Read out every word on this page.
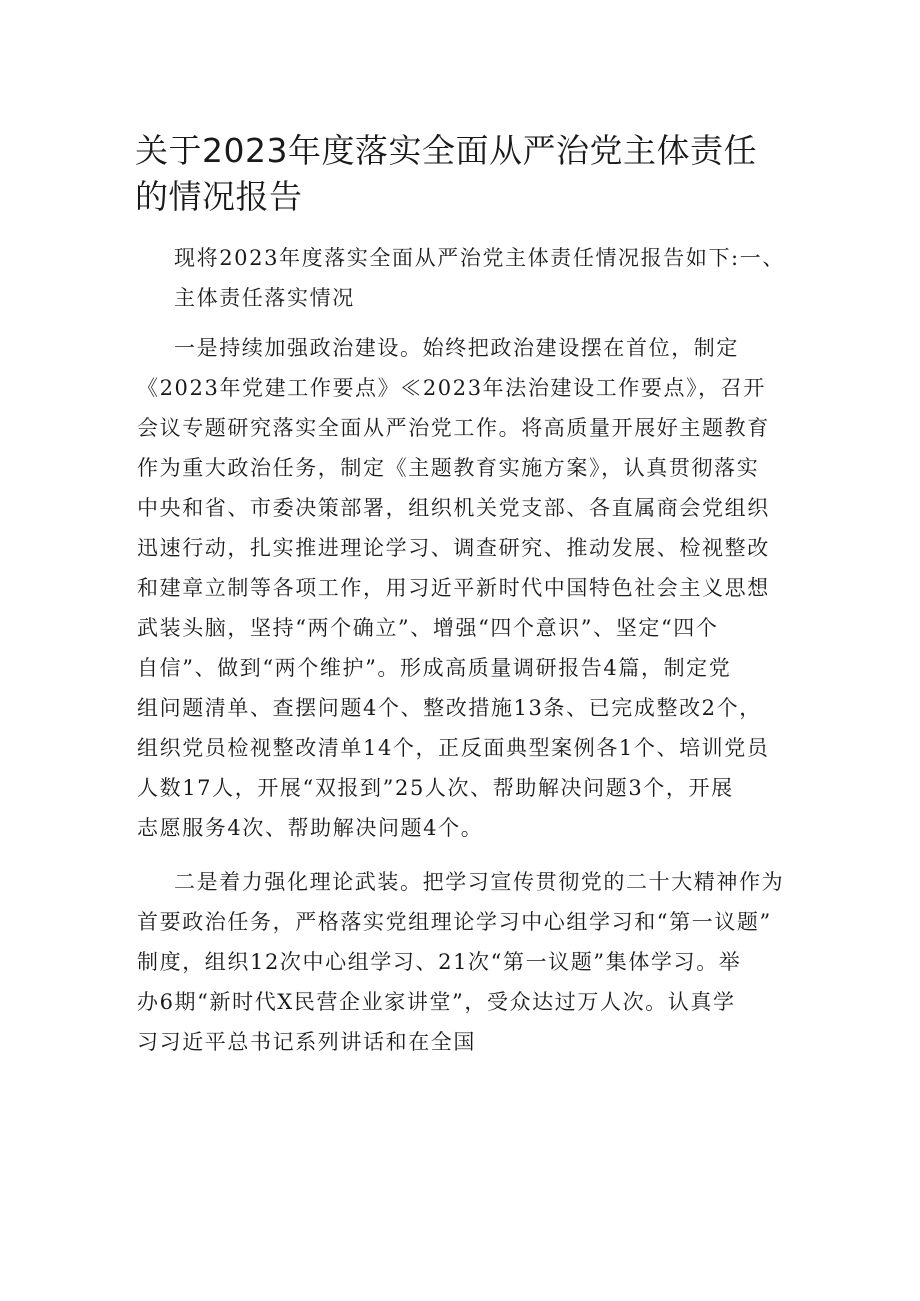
关于2023年度落实全面从严治党主体责任
的情况报告

现将2023年度落实全面从严治党主体责任情况报告如下:一、
主体责任落实情况

一是持续加强政治建设。始终把政治建设摆在首位，制定
《2023年党建工作要点》≪2023年法治建设工作要点》，召开
会议专题研究落实全面从严治党工作。将高质量开展好主题教育
作为重大政治任务，制定《主题教育实施方案》，认真贯彻落实
中央和省、市委决策部署，组织机关党支部、各直属商会党组织
迅速行动，扎实推进理论学习、调查研究、推动发展、检视整改
和建章立制等各项工作，用习近平新时代中国特色社会主义思想
武装头脑，坚持“两个确立”、增强“四个意识”、坚定“四个
自信”、做到“两个维护”。形成高质量调研报告4篇，制定党
组问题清单、查摆问题4个、整改措施13条、已完成整改2个，
组织党员检视整改清单14个，正反面典型案例各1个、培训党员
人数17人，开展“双报到”25人次、帮助解决问题3个，开展
志愿服务4次、帮助解决问题4个。

二是着力强化理论武装。把学习宣传贯彻党的二十大精神作为
首要政治任务，严格落实党组理论学习中心组学习和“第一议题”
制度，组织12次中心组学习、21次“第一议题”集体学习。举
办6期“新时代X民营企业家讲堂”，受众达过万人次。认真学
习习近平总书记系列讲话和在全国
